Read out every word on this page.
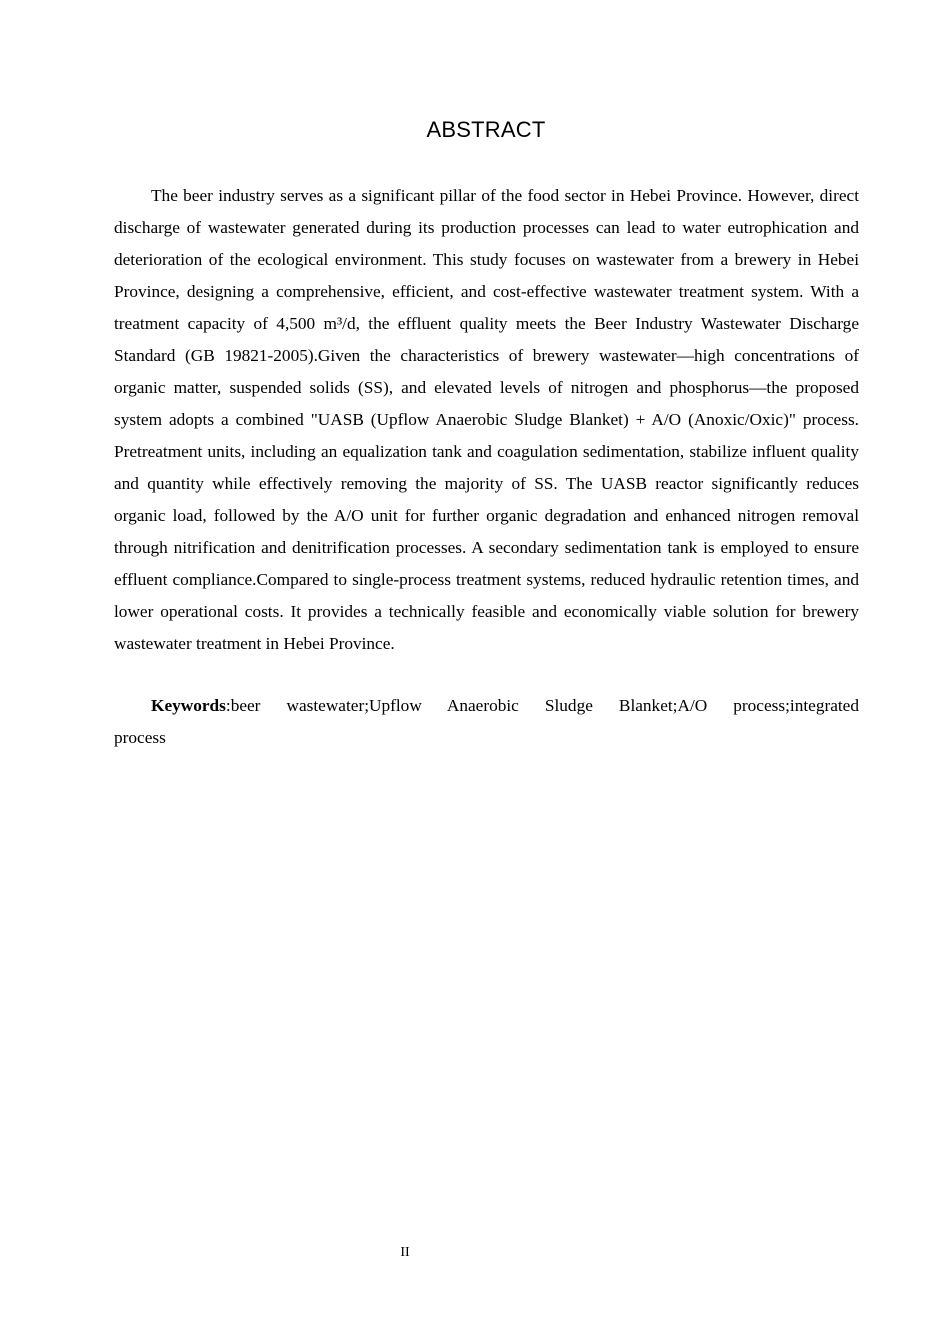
ABSTRACT

The beer industry serves as a significant pillar of the food sector in Hebei Province. However, direct discharge of wastewater generated during its production processes can lead to water eutrophication and deterioration of the ecological environment. This study focuses on wastewater from a brewery in Hebei Province, designing a comprehensive, efficient, and cost-effective wastewater treatment system. With a treatment capacity of 4,500 m³/d, the effluent quality meets the Beer Industry Wastewater Discharge Standard (GB 19821-2005).Given the characteristics of brewery wastewater—high concentrations of organic matter, suspended solids (SS), and elevated levels of nitrogen and phosphorus—the proposed system adopts a combined "UASB (Upflow Anaerobic Sludge Blanket) + A/O (Anoxic/Oxic)" process. Pretreatment units, including an equalization tank and coagulation sedimentation, stabilize influent quality and quantity while effectively removing the majority of SS. The UASB reactor significantly reduces organic load, followed by the A/O unit for further organic degradation and enhanced nitrogen removal through nitrification and denitrification processes. A secondary sedimentation tank is employed to ensure effluent compliance.Compared to single-process treatment systems, reduced hydraulic retention times, and lower operational costs. It provides a technically feasible and economically viable solution for brewery wastewater treatment in Hebei Province.

Keywords:beer wastewater;Upflow Anaerobic Sludge Blanket;A/O process;integrated process

II
